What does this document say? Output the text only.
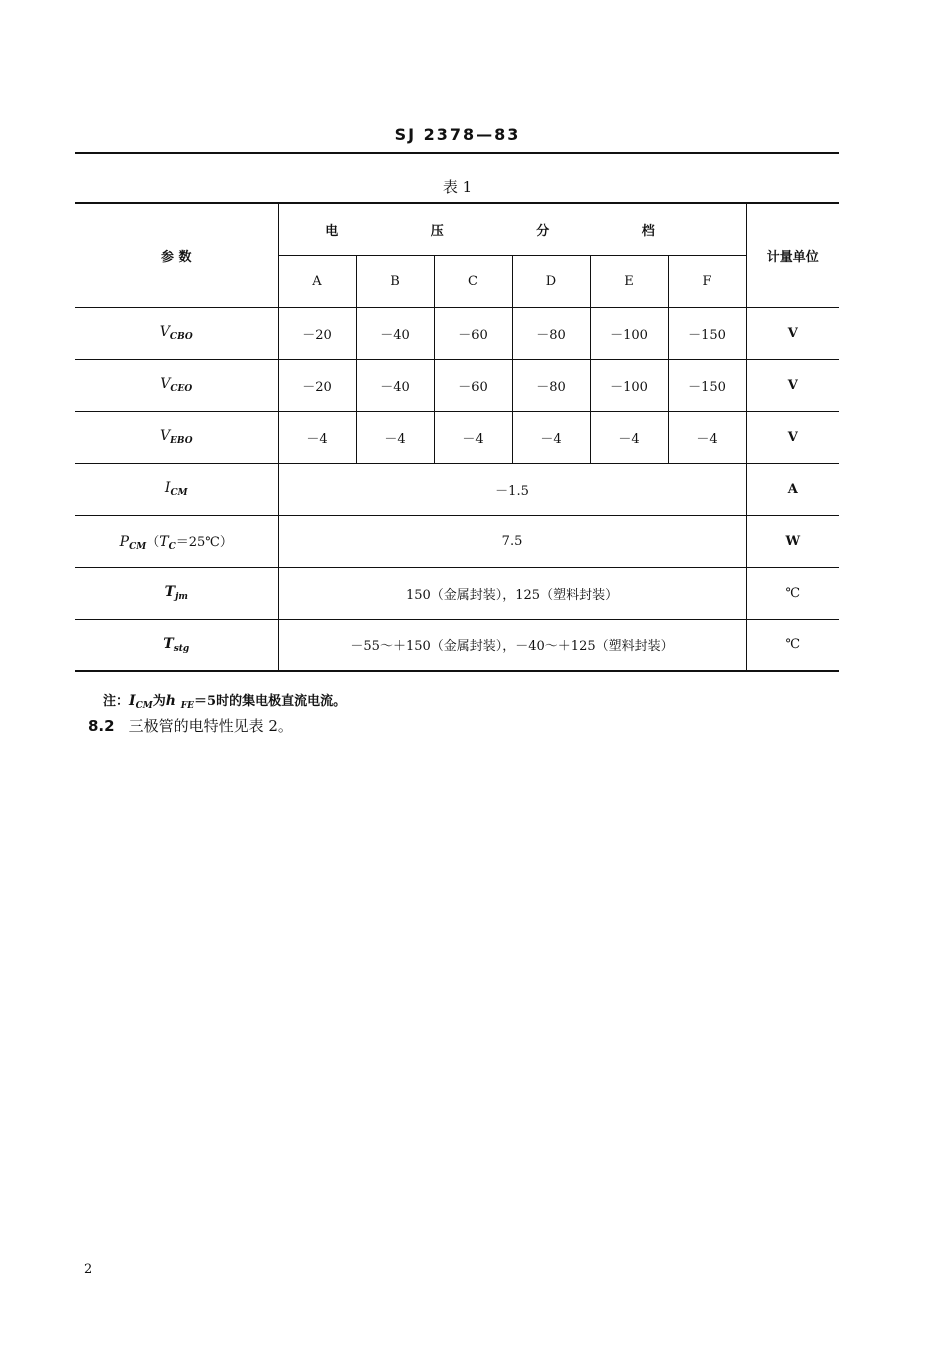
SJ 2378—83
表 1
参 数	电 压 分 档						计量单位
	A	B	C	D	E	F	
$V_{CBO}$	－20	－40	－60	－80	－100	－150	V
$V_{CEO}$	－20	－40	－60	－80	－100	－150	V
$V_{EBO}$	－4	－4	－4	－4	－4	－4	V
$I_{CM}$	－1.5						A
$P_{CM}(T_C=25℃)$	7.5						W
$T_{jm}$	150（金属封装），125（塑料封装）						℃
$T_{stg}$	－55～＋150（金属封装），－40～＋125（塑料封装）						℃
注：$I_{CM}$为h $_{FE}$＝5时的集电极直流电流。
8.2 三极管的电特性见表 2。
2
